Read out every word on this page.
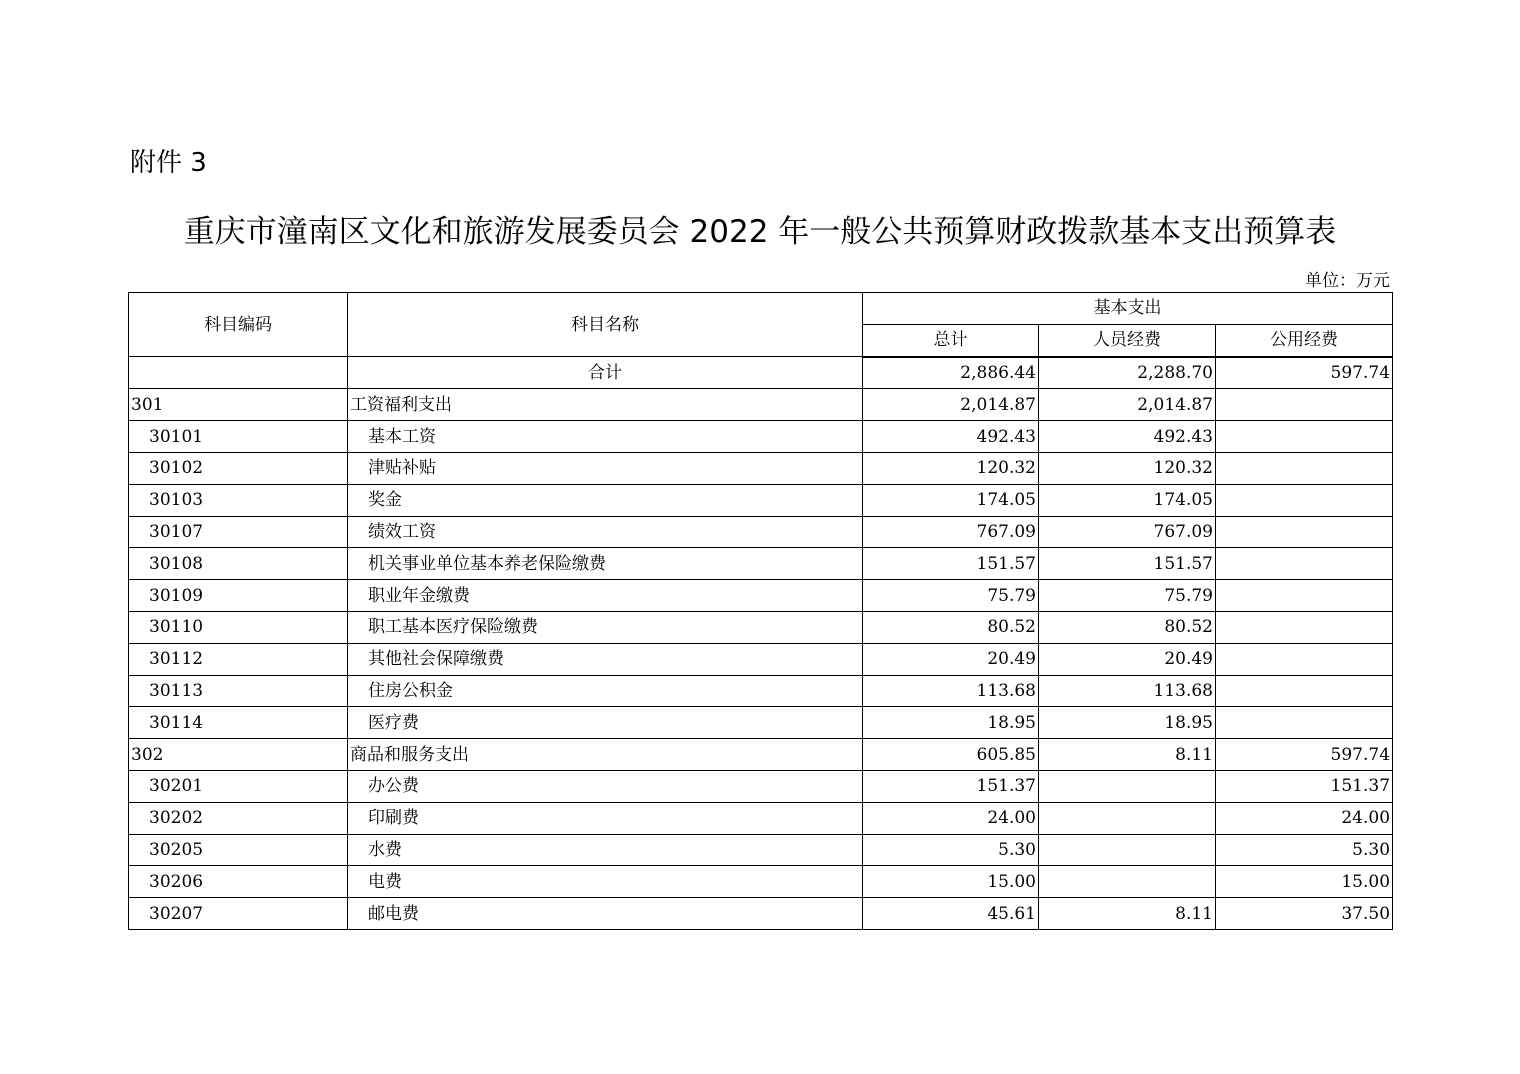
附件 3
重庆市潼南区文化和旅游发展委员会 2022 年一般公共预算财政拨款基本支出预算表
单位：万元
科目编码	科目名称	基本支出		
		总计	人员经费	公用经费
	合计	2,886.44	2,288.70	597.74
301	工资福利支出	2,014.87	2,014.87	
30101	基本工资	492.43	492.43	
30102	津贴补贴	120.32	120.32	
30103	奖金	174.05	174.05	
30107	绩效工资	767.09	767.09	
30108	机关事业单位基本养老保险缴费	151.57	151.57	
30109	职业年金缴费	75.79	75.79	
30110	职工基本医疗保险缴费	80.52	80.52	
30112	其他社会保障缴费	20.49	20.49	
30113	住房公积金	113.68	113.68	
30114	医疗费	18.95	18.95	
302	商品和服务支出	605.85	8.11	597.74
30201	办公费	151.37		151.37
30202	印刷费	24.00		24.00
30205	水费	5.30		5.30
30206	电费	15.00		15.00
30207	邮电费	45.61	8.11	37.50
